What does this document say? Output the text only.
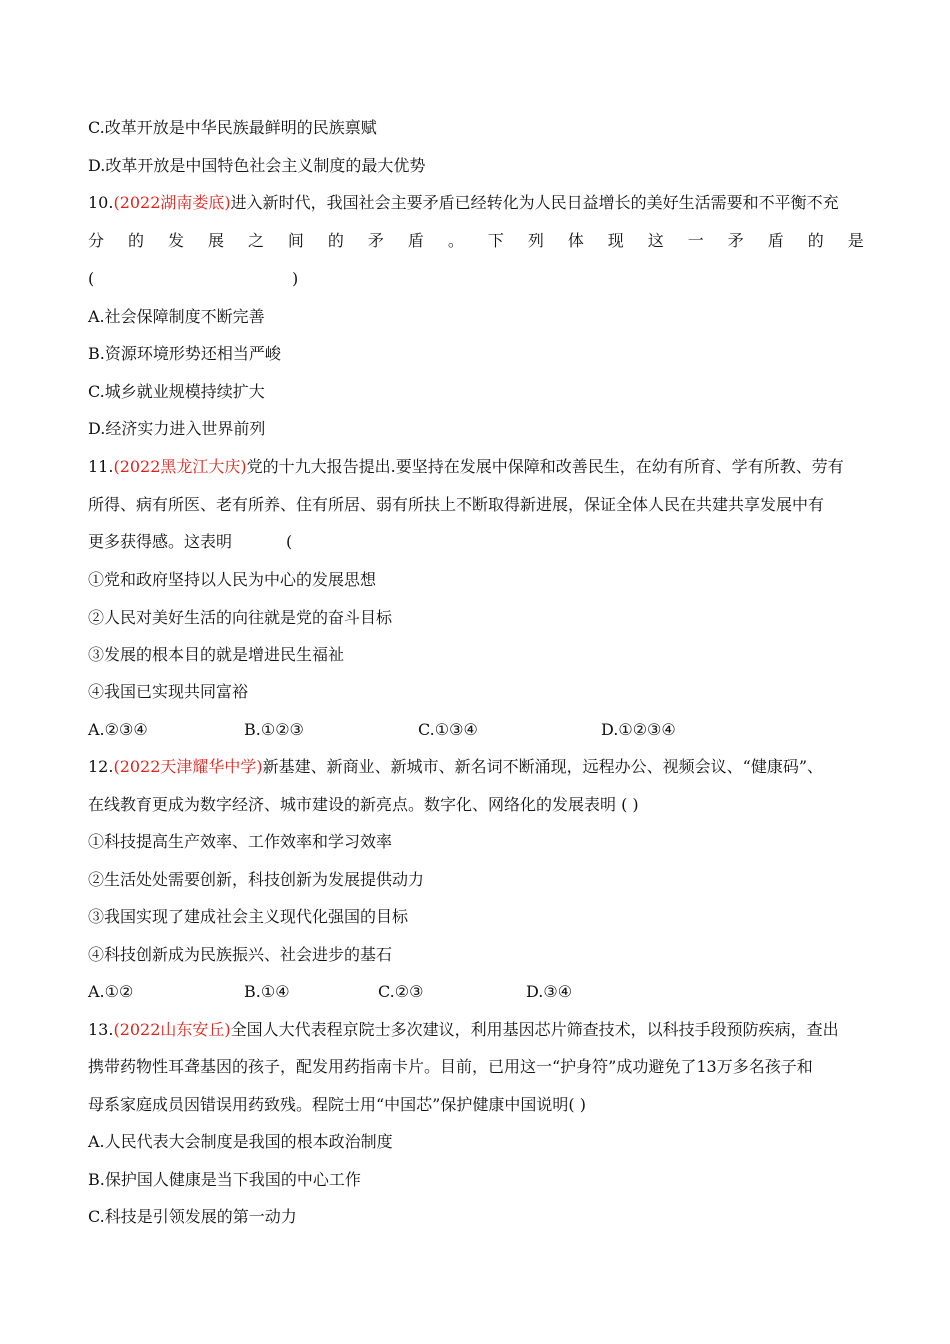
C.改革开放是中华民族最鲜明的民族禀赋
D.改革开放是中国特色社会主义制度的最大优势
10.(2022湖南娄底)进入新时代，我国社会主要矛盾已经转化为人民日益增长的美好生活需要和不平衡不充
分 的 发 展 之 间 的 矛 盾 。 下 列 体 现 这 一 矛 盾 的 是
(	)
A.社会保障制度不断完善
B.资源环境形势还相当严峻
C.城乡就业规模持续扩大
D.经济实力进入世界前列
11.(2022黑龙江大庆)党的十九大报告提出.要坚持在发展中保障和改善民生，在幼有所育、学有所教、劳有
所得、病有所医、老有所养、住有所居、弱有所扶上不断取得新进展，保证全体人民在共建共享发展中有
更多获得感。这表明	(
①党和政府坚持以人民为中心的发展思想
②人民对美好生活的向往就是党的奋斗目标
③发展的根本目的就是增进民生福祉
④我国已实现共同富裕
A.②③④	B.①②③	C.①③④	D.①②③④
12.(2022天津耀华中学)新基建、新商业、新城市、新名词不断涌现，远程办公、视频会议、“健康码”、
在线教育更成为数字经济、城市建设的新亮点。数字化、网络化的发展表明 ( )
①科技提高生产效率、工作效率和学习效率
②生活处处需要创新，科技创新为发展提供动力
③我国实现了建成社会主义现代化强国的目标
④科技创新成为民族振兴、社会进步的基石
A.①②	B.①④	C.②③	D.③④
13.(2022山东安丘)全国人大代表程京院士多次建议，利用基因芯片筛查技术，以科技手段预防疾病，查出
携带药物性耳聋基因的孩子，配发用药指南卡片。目前，已用这一“护身符”成功避免了13万多名孩子和
母系家庭成员因错误用药致残。程院士用“中国芯”保护健康中国说明( )
A.人民代表大会制度是我国的根本政治制度
B.保护国人健康是当下我国的中心工作
C.科技是引领发展的第一动力
